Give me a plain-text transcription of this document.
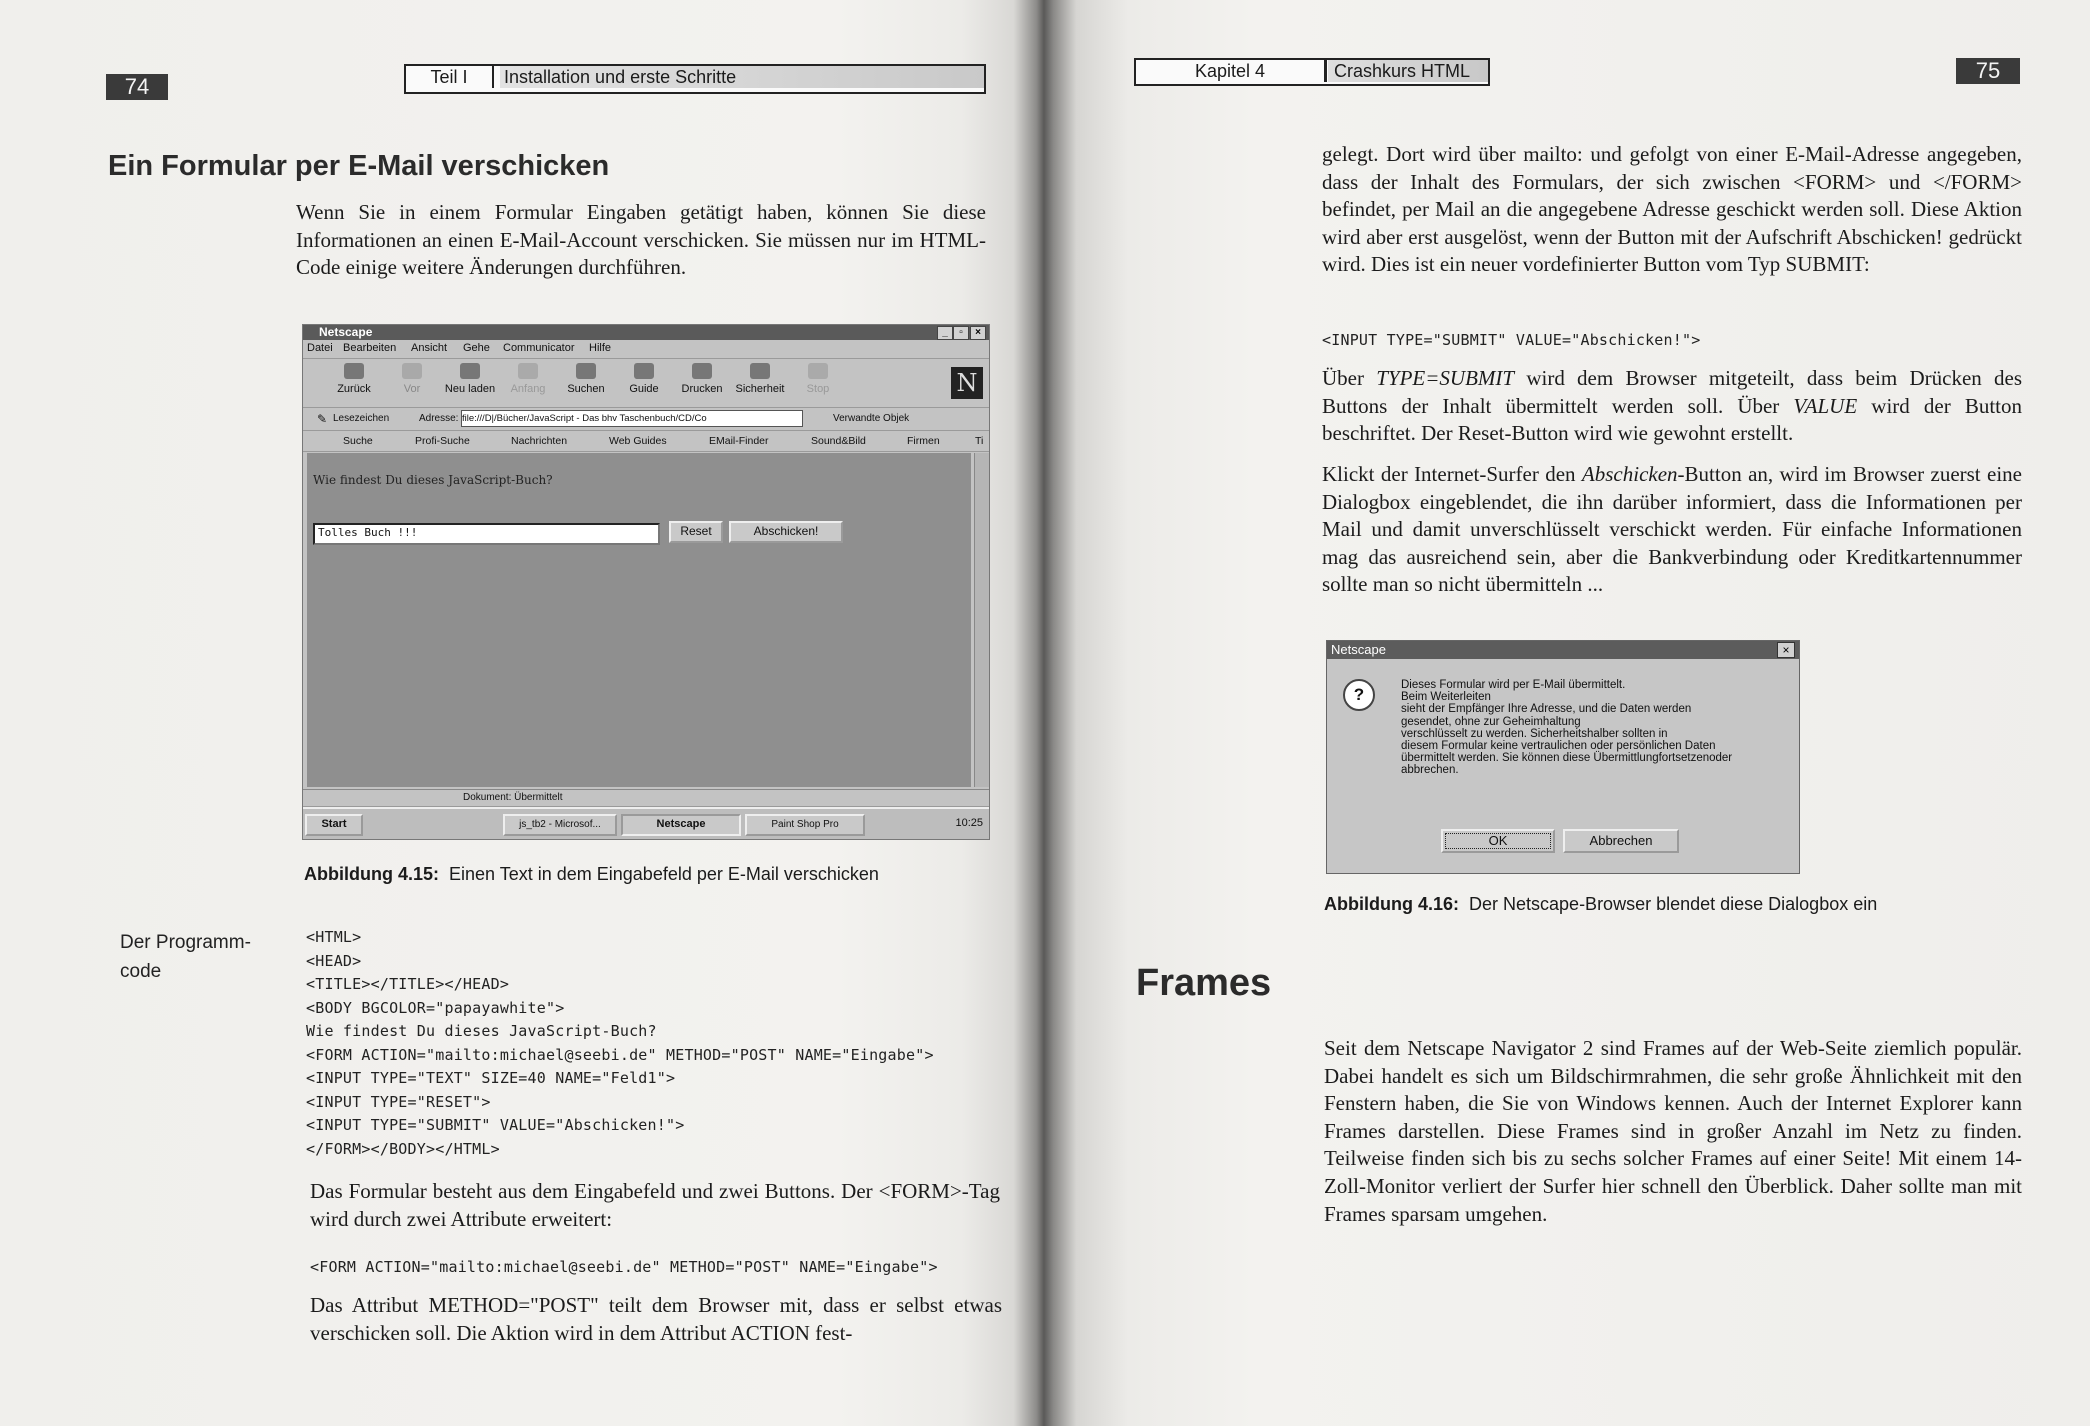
74	Teil I	Installation und erste Schritte
Ein Formular per E-Mail verschicken
Wenn Sie in einem Formular Eingaben getätigt haben, können Sie diese Informationen an einen E-Mail-Account verschicken. Sie müssen nur im HTML-Code einige weitere Änderungen durchführen.
Netscape	_	▫	×
Datei Bearbeiten Ansicht Gehe Communicator Hilfe
Zurück	Vor	Neu laden	Anfang	Suchen	Guide	Drucken	Sicherheit	Stop	N
✎ Lesezeichen	Adresse: file:///D|/Bücher/JavaScript - Das bhv Taschenbuch/CD/Co	Verwandte Objek
Suche	Profi-Suche	Nachrichten	Web Guides	EMail-Finder	Sound&Bild	Firmen	Ti
Wie findest Du dieses JavaScript-Buch?
Tolles Buch !!!	Reset	Abschicken!
Dokument: Übermittelt
Start	js_tb2 - Microsof...	Netscape	Paint Shop Pro	10:25
Abbildung 4.15: Einen Text in dem Eingabefeld per E-Mail verschicken
Der Programm-
code
<HTML>
<HEAD>
<TITLE></TITLE></HEAD>
<BODY BGCOLOR="papayawhite">
Wie findest Du dieses JavaScript-Buch?
<FORM ACTION="mailto:michael@seebi.de" METHOD="POST" NAME="Eingabe">
<INPUT TYPE="TEXT" SIZE=40 NAME="Feld1">
<INPUT TYPE="RESET">
<INPUT TYPE="SUBMIT" VALUE="Abschicken!">
</FORM></BODY></HTML>
Das Formular besteht aus dem Eingabefeld und zwei Buttons. Der <FORM>-Tag wird durch zwei Attribute erweitert:
<FORM ACTION="mailto:michael@seebi.de" METHOD="POST" NAME="Eingabe">
Das Attribut METHOD="POST" teilt dem Browser mit, dass er selbst etwas verschicken soll. Die Aktion wird in dem Attribut ACTION fest-
Kapitel 4	Crashkurs HTML	75
gelegt. Dort wird über mailto: und gefolgt von einer E-Mail-Adresse angegeben, dass der Inhalt des Formulars, der sich zwischen <FORM> und </FORM> befindet, per Mail an die angegebene Adresse geschickt werden soll. Diese Aktion wird aber erst ausgelöst, wenn der Button mit der Aufschrift Abschicken! gedrückt wird. Dies ist ein neuer vordefinierter Button vom Typ SUBMIT:
<INPUT TYPE="SUBMIT" VALUE="Abschicken!">
Über TYPE=SUBMIT wird dem Browser mitgeteilt, dass beim Drücken des Buttons der Inhalt übermittelt werden soll. Über VALUE wird der Button beschriftet. Der Reset-Button wird wie gewohnt erstellt.
Klickt der Internet-Surfer den Abschicken-Button an, wird im Browser zuerst eine Dialogbox eingeblendet, die ihn darüber informiert, dass die Informationen per Mail und damit unverschlüsselt verschickt werden. Für einfache Informationen mag das ausreichend sein, aber die Bankverbindung oder Kreditkartennummer sollte man so nicht übermitteln ...
Netscape	×
?	Dieses Formular wird per E-Mail übermittelt.
Beim Weiterleiten
sieht der Empfänger Ihre Adresse, und die Daten werden
gesendet, ohne zur Geheimhaltung
verschlüsselt zu werden. Sicherheitshalber sollten in
diesem Formular keine vertraulichen oder persönlichen Daten
übermittelt werden. Sie können diese Übermittlungfortsetzenoder
abbrechen.
OK	Abbrechen
Abbildung 4.16: Der Netscape-Browser blendet diese Dialogbox ein
Frames
Seit dem Netscape Navigator 2 sind Frames auf der Web-Seite ziemlich populär. Dabei handelt es sich um Bildschirmrahmen, die sehr große Ähnlichkeit mit den Fenstern haben, die Sie von Windows kennen. Auch der Internet Explorer kann Frames darstellen. Diese Frames sind in großer Anzahl im Netz zu finden. Teilweise finden sich bis zu sechs solcher Frames auf einer Seite! Mit einem 14-Zoll-Monitor verliert der Surfer hier schnell den Überblick. Daher sollte man mit Frames sparsam umgehen.
